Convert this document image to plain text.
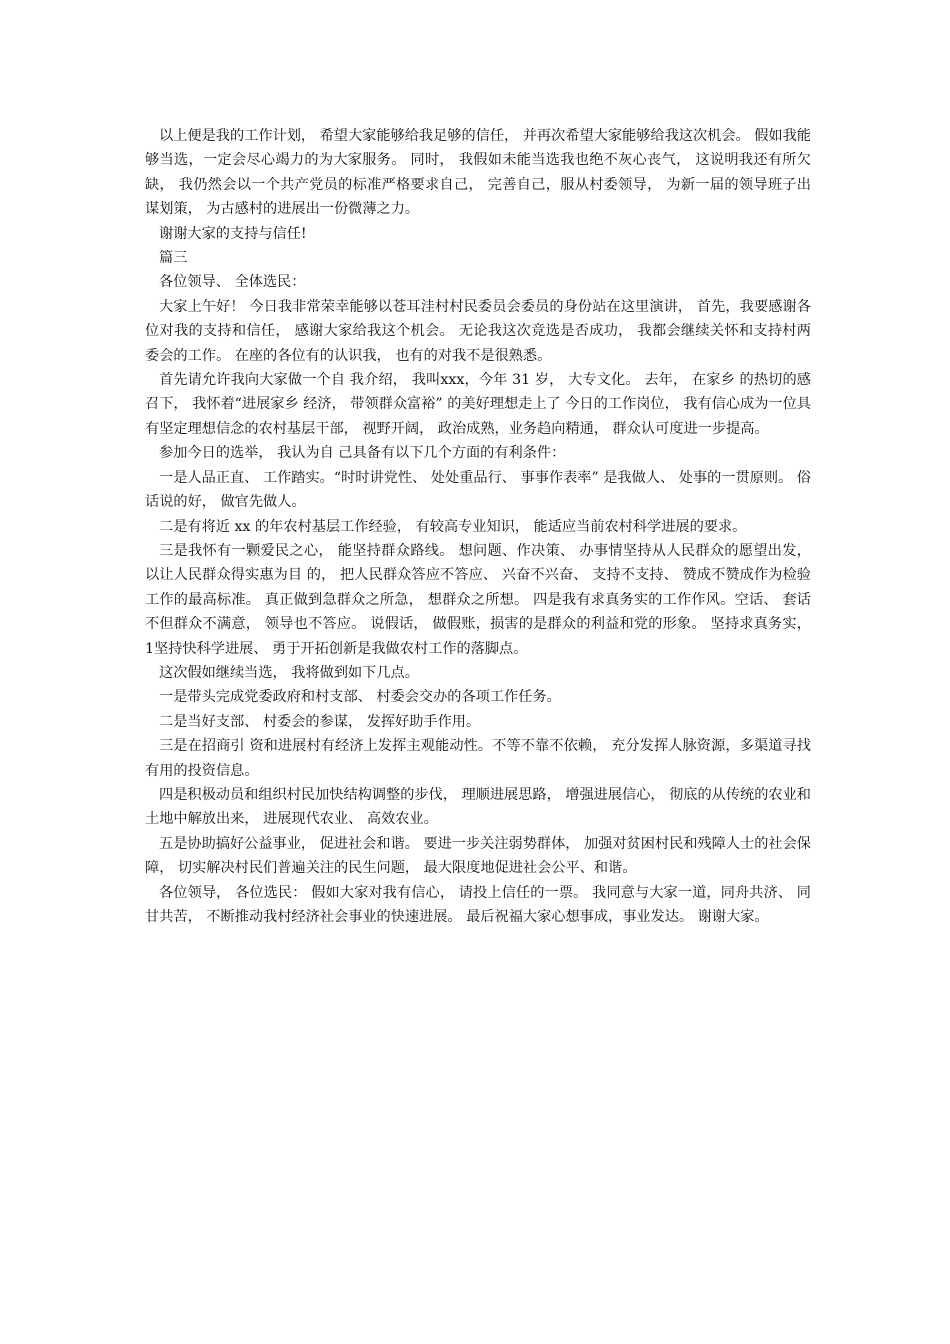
以上便是我的工作计划， 希望大家能够给我足够的信任， 并再次希望大家能够给我这次机会。 假如我能够当选，一定会尽心竭力的为大家服务。 同时， 我假如未能当选我也绝不灰心丧气， 这说明我还有所欠缺， 我仍然会以一个共产党员的标准严格要求自己， 完善自己，服从村委领导， 为新一届的领导班子出谋划策， 为古感村的进展出一份微薄之力。

谢谢大家的支持与信任!

篇三

各位领导、 全体选民：

大家上午好！ 今日我非常荣幸能够以苍耳洼村村民委员会委员的身份站在这里演讲， 首先，我要感谢各位对我的支持和信任， 感谢大家给我这个机会。 无论我这次竞选是否成功， 我都会继续关怀和支持村两委会的工作。 在座的各位有的认识我， 也有的对我不是很熟悉。

首先请允许我向大家做一个自 我介绍， 我叫xxx，今年 31 岁， 大专文化。 去年， 在家乡 的热切的感召下， 我怀着“进展家乡 经济， 带领群众富裕” 的美好理想走上了 今日的工作岗位， 我有信心成为一位具有坚定理想信念的农村基层干部， 视野开阔， 政治成熟，业务趋向精通， 群众认可度进一步提高。

参加今日的选举， 我认为自 己具备有以下几个方面的有利条件：

一是人品正直、 工作踏实。“时时讲党性、 处处重品行、 事事作表率” 是我做人、 处事的一贯原则。 俗话说的好， 做官先做人。

二是有将近 xx 的年农村基层工作经验， 有较高专业知识， 能适应当前农村科学进展的要求。

三是我怀有一颗爱民之心， 能坚持群众路线。 想问题、作决策、 办事情坚持从人民群众的愿望出发， 以让人民群众得实惠为目 的， 把人民群众答应不答应、 兴奋不兴奋、 支持不支持、 赞成不赞成作为检验工作的最高标准。 真正做到急群众之所急， 想群众之所想。 四是我有求真务实的工作作风。空话、 套话不但群众不满意， 领导也不答应。 说假话， 做假账，损害的是群众的利益和党的形象。 坚持求真务实， 1坚持快科学进展、 勇于开拓创新是我做农村工作的落脚点。

这次假如继续当选， 我将做到如下几点。

一是带头完成党委政府和村支部、 村委会交办的各项工作任务。

二是当好支部、 村委会的参谋， 发挥好助手作用。

三是在招商引 资和进展村有经济上发挥主观能动性。不等不靠不依赖， 充分发挥人脉资源，多渠道寻找有用的投资信息。

四是积极动员和组织村民加快结构调整的步伐， 理顺进展思路， 增强进展信心， 彻底的从传统的农业和土地中解放出来， 进展现代农业、 高效农业。

五是协助搞好公益事业， 促进社会和谐。 要进一步关注弱势群体， 加强对贫困村民和残障人士的社会保障， 切实解决村民们普遍关注的民生问题， 最大限度地促进社会公平、和谐。

各位领导， 各位选民： 假如大家对我有信心， 请投上信任的一票。 我同意与大家一道，同舟共济、 同甘共苦， 不断推动我村经济社会事业的快速进展。 最后祝福大家心想事成，事业发达。 谢谢大家。
